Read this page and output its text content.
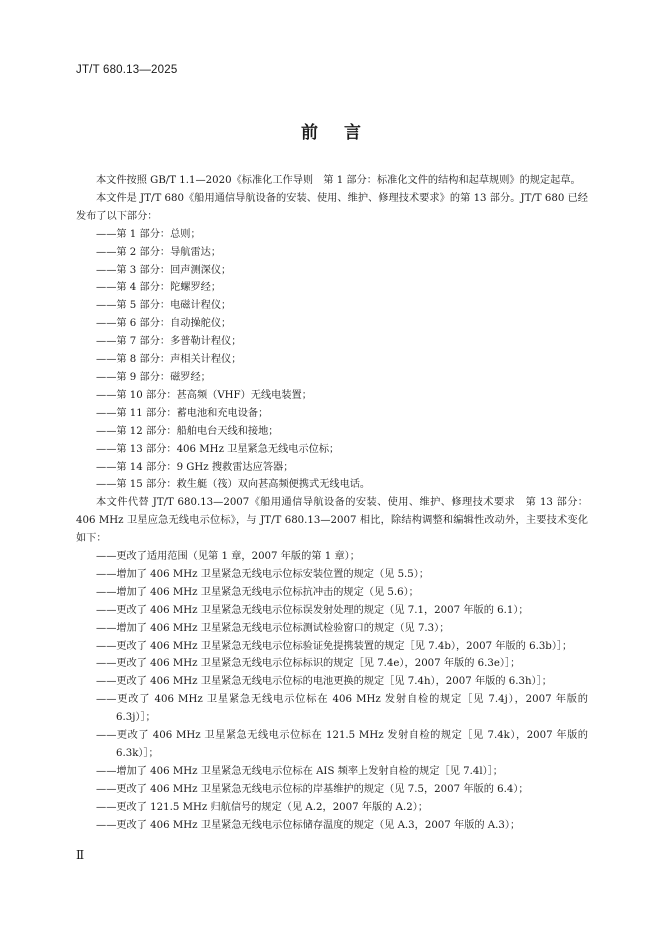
JT/T 680.13—2025
前言

本文件按照 GB/T 1.1—2020《标准化工作导则　第 1 部分：标准化文件的结构和起草规则》的规定起草。

本文件是 JT/T 680《船用通信导航设备的安装、使用、维护、修理技术要求》的第 13 部分。JT/T 680 已经发布了以下部分：

——第 1 部分：总则；

——第 2 部分：导航雷达；

——第 3 部分：回声测深仪；

——第 4 部分：陀螺罗经；

——第 5 部分：电磁计程仪；

——第 6 部分：自动操舵仪；

——第 7 部分：多普勒计程仪；

——第 8 部分：声相关计程仪；

——第 9 部分：磁罗经；

——第 10 部分：甚高频（VHF）无线电装置；

——第 11 部分：蓄电池和充电设备；

——第 12 部分：船舶电台天线和接地；

——第 13 部分：406 MHz 卫星紧急无线电示位标；

——第 14 部分：9 GHz 搜救雷达应答器；

——第 15 部分：救生艇（筏）双向甚高频便携式无线电话。

本文件代替 JT/T 680.13—2007《船用通信导航设备的安装、使用、维护、修理技术要求　第 13 部分：406 MHz 卫星应急无线电示位标》，与 JT/T 680.13—2007 相比，除结构调整和编辑性改动外，主要技术变化如下：

——更改了适用范围（见第 1 章，2007 年版的第 1 章）；

——增加了 406 MHz 卫星紧急无线电示位标安装位置的规定（见 5.5）；

——增加了 406 MHz 卫星紧急无线电示位标抗冲击的规定（见 5.6）；

——更改了 406 MHz 卫星紧急无线电示位标误发射处理的规定（见 7.1，2007 年版的 6.1）；

——增加了 406 MHz 卫星紧急无线电示位标测试检验窗口的规定（见 7.3）；

——更改了 406 MHz 卫星紧急无线电示位标验证免提携装置的规定［见 7.4b），2007 年版的 6.3b）］；

——更改了 406 MHz 卫星紧急无线电示位标标识的规定［见 7.4e），2007 年版的 6.3e）］；

——更改了 406 MHz 卫星紧急无线电示位标的电池更换的规定［见 7.4h），2007 年版的 6.3h）］；

——更改了 406 MHz 卫星紧急无线电示位标在 406 MHz 发射自检的规定［见 7.4j），2007 年版的 6.3j）］；

——更改了 406 MHz 卫星紧急无线电示位标在 121.5 MHz 发射自检的规定［见 7.4k），2007 年版的 6.3k）］；

——增加了 406 MHz 卫星紧急无线电示位标在 AIS 频率上发射自检的规定［见 7.4l）］；

——更改了 406 MHz 卫星紧急无线电示位标的岸基维护的规定（见 7.5，2007 年版的 6.4）；

——更改了 121.5 MHz 归航信号的规定（见 A.2，2007 年版的 A.2）；

——更改了 406 MHz 卫星紧急无线电示位标储存温度的规定（见 A.3，2007 年版的 A.3）；

Ⅱ
